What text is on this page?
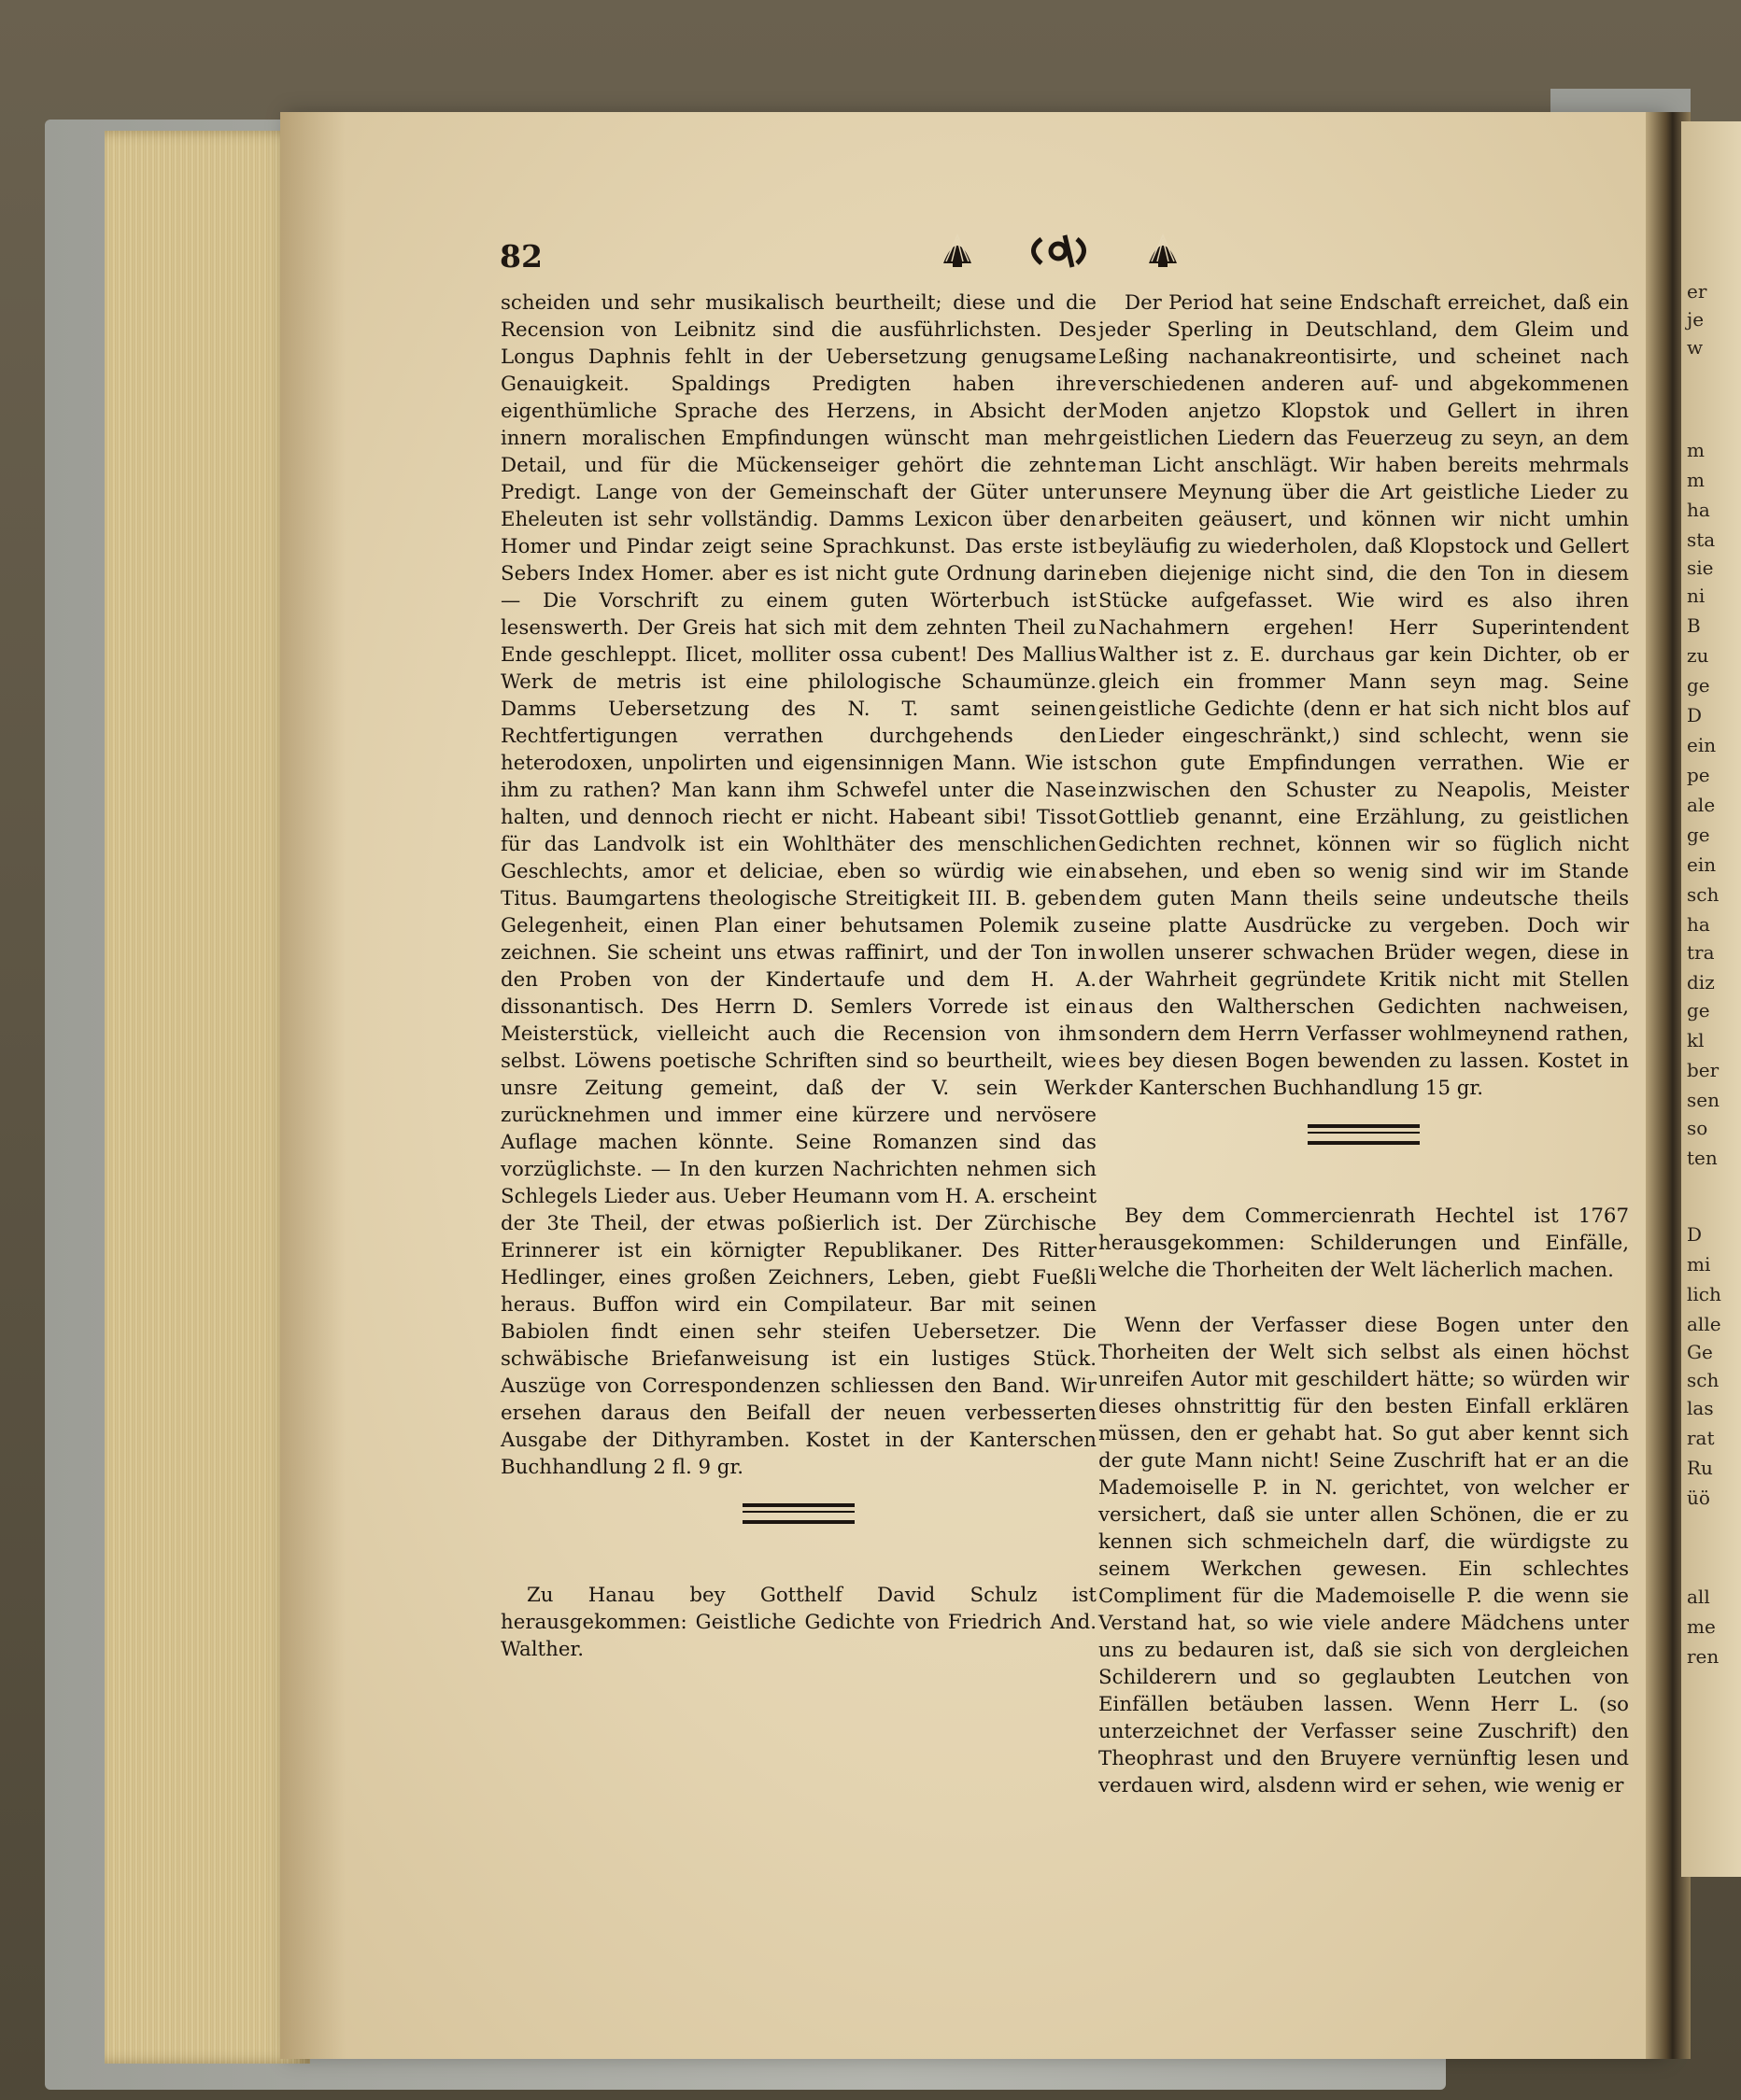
er
je
w
m
m
ha
sta
sie
ni
B
zu
ge
D
ein
pe
ale
ge
ein
sch
ha
tra
diz
ge
kl
ber
sen
so
ten
D
mi
lich
alle
Ge
sch
las
rat
Ru
üö
all
me
ren
82

scheiden und sehr musikalisch beurtheilt; diese und die Recension von Leibnitz sind die ausführlichsten. Des Longus Daphnis fehlt in der Uebersetzung genugsame Genauigkeit. Spaldings Predigten haben ihre eigenthümliche Sprache des Herzens, in Absicht der innern moralischen Empfindungen wünscht man mehr Detail, und für die Mückenseiger gehört die zehnte Predigt. Lange von der Gemeinschaft der Güter unter Eheleuten ist sehr vollständig. Damms Lexicon über den Homer und Pindar zeigt seine Sprachkunst. Das erste ist Sebers Index Homer. aber es ist nicht gute Ordnung darin — Die Vorschrift zu einem guten Wörterbuch ist lesenswerth. Der Greis hat sich mit dem zehnten Theil zu Ende geschleppt. Ilicet, molliter ossa cubent! Des Mallius Werk de metris ist eine philologische Schaumünze. Damms Uebersetzung des N. T. samt seinen Rechtfertigungen verrathen durchgehends den heterodoxen, unpolirten und eigensinnigen Mann. Wie ist ihm zu rathen? Man kann ihm Schwefel unter die Nase halten, und dennoch riecht er nicht. Habeant sibi! Tissot für das Landvolk ist ein Wohlthäter des menschlichen Geschlechts, amor et deliciae, eben so würdig wie ein Titus. Baumgartens theologische Streitigkeit III. B. geben Gelegenheit, einen Plan einer behutsamen Polemik zu zeichnen. Sie scheint uns etwas raffinirt, und der Ton in den Proben von der Kindertaufe und dem H. A. dissonantisch. Des Herrn D. Semlers Vorrede ist ein Meisterstück, vielleicht auch die Recension von ihm selbst. Löwens poetische Schriften sind so beurtheilt, wie unsre Zeitung gemeint, daß der V. sein Werk zurücknehmen und immer eine kürzere und nervösere Auflage machen könnte. Seine Romanzen sind das vorzüglichste. — In den kurzen Nachrichten nehmen sich Schlegels Lieder aus. Ueber Heumann vom H. A. erscheint der 3te Theil, der etwas poßierlich ist. Der Zürchische Erinnerer ist ein körnigter Republikaner. Des Ritter Hedlinger, eines großen Zeichners, Leben, giebt Fueßli heraus. Buffon wird ein Compilateur. Bar mit seinen Babiolen findt einen sehr steifen Uebersetzer. Die schwäbische Briefanweisung ist ein lustiges Stück. Auszüge von Correspondenzen schliessen den Band. Wir ersehen daraus den Beifall der neuen verbesserten Ausgabe der Dithyramben. Kostet in der Kanterschen Buchhandlung 2 fl. 9 gr.

Zu Hanau bey Gotthelf David Schulz ist herausgekommen: Geistliche Gedichte von Friedrich And. Walther.

Der Period hat seine Endschaft erreichet, daß ein jeder Sperling in Deutschland, dem Gleim und Leßing nachanakreontisirte, und scheinet nach verschiedenen anderen auf- und abgekommenen Moden anjetzo Klopstok und Gellert in ihren geistlichen Liedern das Feuerzeug zu seyn, an dem man Licht anschlägt. Wir haben bereits mehrmals unsere Meynung über die Art geistliche Lieder zu arbeiten geäusert, und können wir nicht umhin beyläufig zu wiederholen, daß Klopstock und Gellert eben diejenige nicht sind, die den Ton in diesem Stücke aufgefasset. Wie wird es also ihren Nachahmern ergehen! Herr Superintendent Walther ist z. E. durchaus gar kein Dichter, ob er gleich ein frommer Mann seyn mag. Seine geistliche Gedichte (denn er hat sich nicht blos auf Lieder eingeschränkt,) sind schlecht, wenn sie schon gute Empfindungen verrathen. Wie er inzwischen den Schuster zu Neapolis, Meister Gottlieb genannt, eine Erzählung, zu geistlichen Gedichten rechnet, können wir so füglich nicht absehen, und eben so wenig sind wir im Stande dem guten Mann theils seine undeutsche theils seine platte Ausdrücke zu vergeben. Doch wir wollen unserer schwachen Brüder wegen, diese in der Wahrheit gegründete Kritik nicht mit Stellen aus den Waltherschen Gedichten nachweisen, sondern dem Herrn Verfasser wohlmeynend rathen, es bey diesen Bogen bewenden zu lassen. Kostet in der Kanterschen Buchhandlung 15 gr.

Bey dem Commercienrath Hechtel ist 1767 herausgekommen: Schilderungen und Einfälle, welche die Thorheiten der Welt lächerlich machen.

Wenn der Verfasser diese Bogen unter den Thorheiten der Welt sich selbst als einen höchst unreifen Autor mit geschildert hätte; so würden wir dieses ohnstrittig für den besten Einfall erklären müssen, den er gehabt hat. So gut aber kennt sich der gute Mann nicht! Seine Zuschrift hat er an die Mademoiselle P. in N. gerichtet, von welcher er versichert, daß sie unter allen Schönen, die er zu kennen sich schmeicheln darf, die würdigste zu seinem Werkchen gewesen. Ein schlechtes Compliment für die Mademoiselle P. die wenn sie Verstand hat, so wie viele andere Mädchens unter uns zu bedauren ist, daß sie sich von dergleichen Schilderern und so geglaubten Leutchen von Einfällen betäuben lassen. Wenn Herr L. (so unterzeichnet der Verfasser seine Zuschrift) den Theophrast und den Bruyere vernünftig lesen und verdauen wird, alsdenn wird er sehen, wie wenig er
